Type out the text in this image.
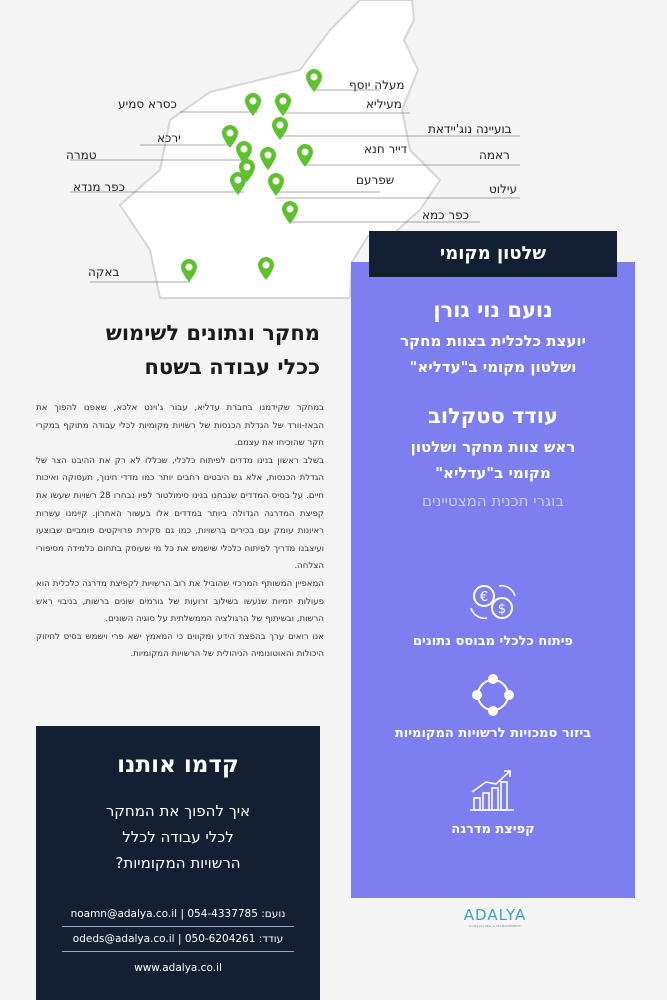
מעלה יוסף
כסרא סמיע	מעיליא
ירכא
בועיינה נוג'יידאת
טמרה	דייר חנא	ראמה
כפר מנדא	שפרעם
עילוט
כפר כמא
באקה
נועם נוי גורן
יועצת כלכלית בצוות מחקר
ושלטון מקומי ב"עדליא"
עודד סטקלוב
ראש צוות מחקר ושלטון
מקומי ב"עדליא"
בוגרי תכנית המצטיינים
€
$
פיתוח כלכלי מבוסס נתונים
ביזור סמכויות לרשויות המקומיות
קפיצת מדרגה
שלטון מקומי
ADALYA
CONSULTING & MANAGEMENT
מחקר ונתונים לשימוש
ככלי עבודה בשטח

במחקר שקידמנו בחברת עדליא, עבור ג'וינט אלכא, שאפנו להפוך את הבאז-וורד של הגדלת הכנסות של רשויות מקומיות לכלי עבודה מתוקף במקרי חקר שהוכיחו את עצמם.

בשלב ראשון בנינו מדדים לפיתוח כלכלי, שכללו לא רק את ההיבט הצר של הגדלת הכנסות, אלא גם היבטים רחבים יותר כמו מדדי חינוך, תעסוקה ואיכות חיים. על בסיס המדדים שנבחנו בנינו סימולטור לפיו נבחרו 28 רשויות שעשו את קפיצת המדרגה הגדולה ביותר במדדים אלו בעשור האחרון. קיימנו עשרות ראיונות עומק עם בכירים ברשויות, כמו גם סקירת פרויקטים פומביים שבוצעו ועיצבנו מדריך לפיתוח כלכלי שישמש את כל מי שעוסק בתחום כלמידה מסיפורי הצלחה.

המאפיין המשותף המרכזי שהוביל את רוב הרשויות לקפיצת מדרגה כלכלית הוא פעולות יזמיות שנעשו בשילוב זרועות של גורמים שונים ברשות, בניבוי ראש הרשות, ובשיתוף של הרגולציה הממשלתית על סוגיה השונים.

אנו רואים ערך בהפצת הידע ומקווים כי המאמץ ישא פרי וישמש בסיס לחיזוק היכולות והאוטונומיה הניהולית של הרשויות המקומיות.

קדמו אותנו
איך להפוך את המחקר
לכלי עבודה לכלל
הרשויות המקומיות?
נועם: 054-4337785 | noamn@adalya.co.il
עודד: 050-6204261 | odeds@adalya.co.il
www.adalya.co.il
